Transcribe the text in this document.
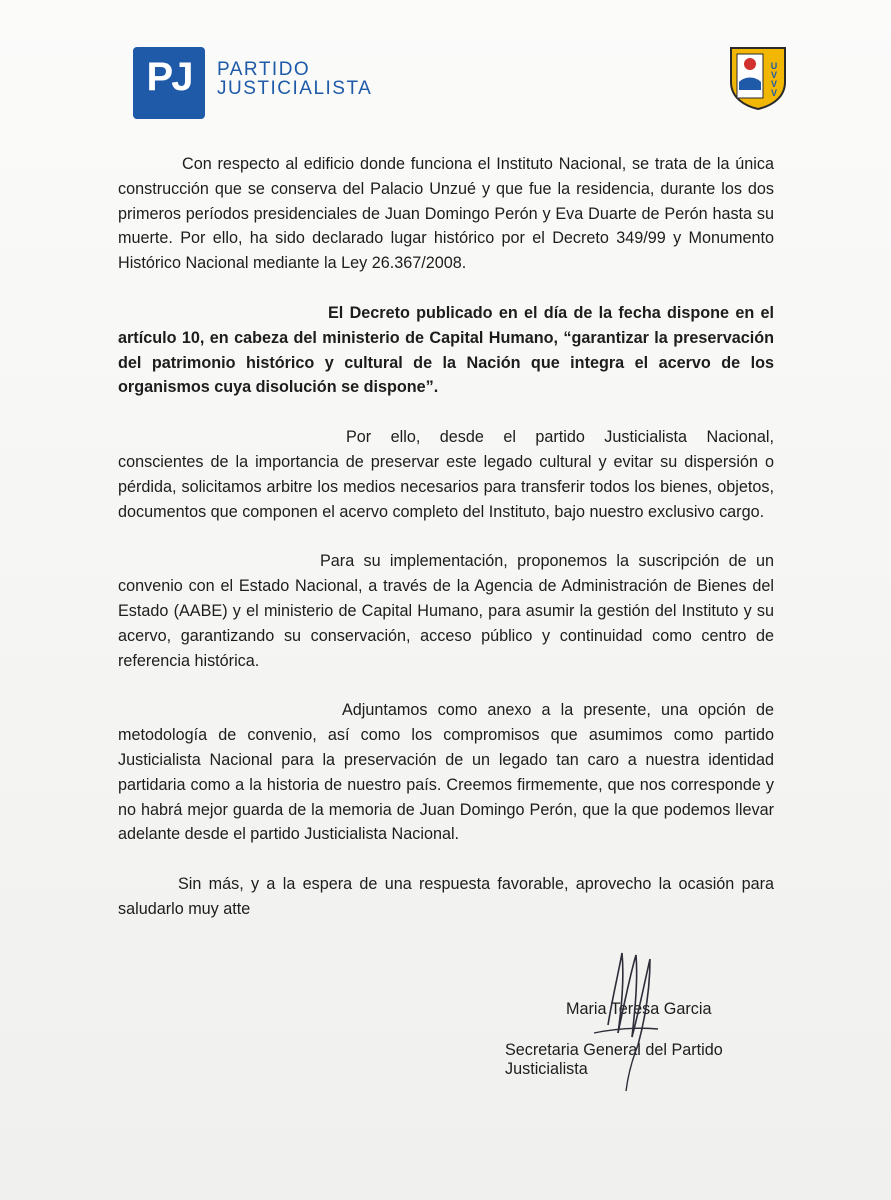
PJ	PARTIDO
JUSTICIALISTA
V
V
V
U

Con respecto al edificio donde funciona el Instituto Nacional, se trata de la única construcción que se conserva del Palacio Unzué y que fue la residencia, durante los dos primeros períodos presidenciales de Juan Domingo Perón y Eva Duarte de Perón hasta su muerte. Por ello, ha sido declarado lugar histórico por el Decreto 349/99 y Monumento Histórico Nacional mediante la Ley 26.367/2008.

El Decreto publicado en el día de la fecha dispone en el artículo 10, en cabeza del ministerio de Capital Humano, “garantizar la preservación del patrimonio histórico y cultural de la Nación que integra el acervo de los organismos cuya disolución se dispone”.

Por ello, desde el partido Justicialista Nacional, conscientes de la importancia de preservar este legado cultural y evitar su dispersión o pérdida, solicitamos arbitre los medios necesarios para transferir todos los bienes, objetos, documentos que componen el acervo completo del Instituto, bajo nuestro exclusivo cargo.

Para su implementación, proponemos la suscripción de un convenio con el Estado Nacional, a través de la Agencia de Administración de Bienes del Estado (AABE) y el ministerio de Capital Humano, para asumir la gestión del Instituto y su acervo, garantizando su conservación, acceso público y continuidad como centro de referencia histórica.

Adjuntamos como anexo a la presente, una opción de metodología de convenio, así como los compromisos que asumimos como partido Justicialista Nacional para la preservación de un legado tan caro a nuestra identidad partidaria como a la historia de nuestro país. Creemos firmemente, que nos corresponde y no habrá mejor guarda de la memoria de Juan Domingo Perón, que la que podemos llevar adelante desde el partido Justicialista Nacional.

Sin más, y a la espera de una respuesta favorable, aprovecho la ocasión para saludarlo muy atte

Maria Teresa Garcia
Secretaria General del Partido Justicialista
